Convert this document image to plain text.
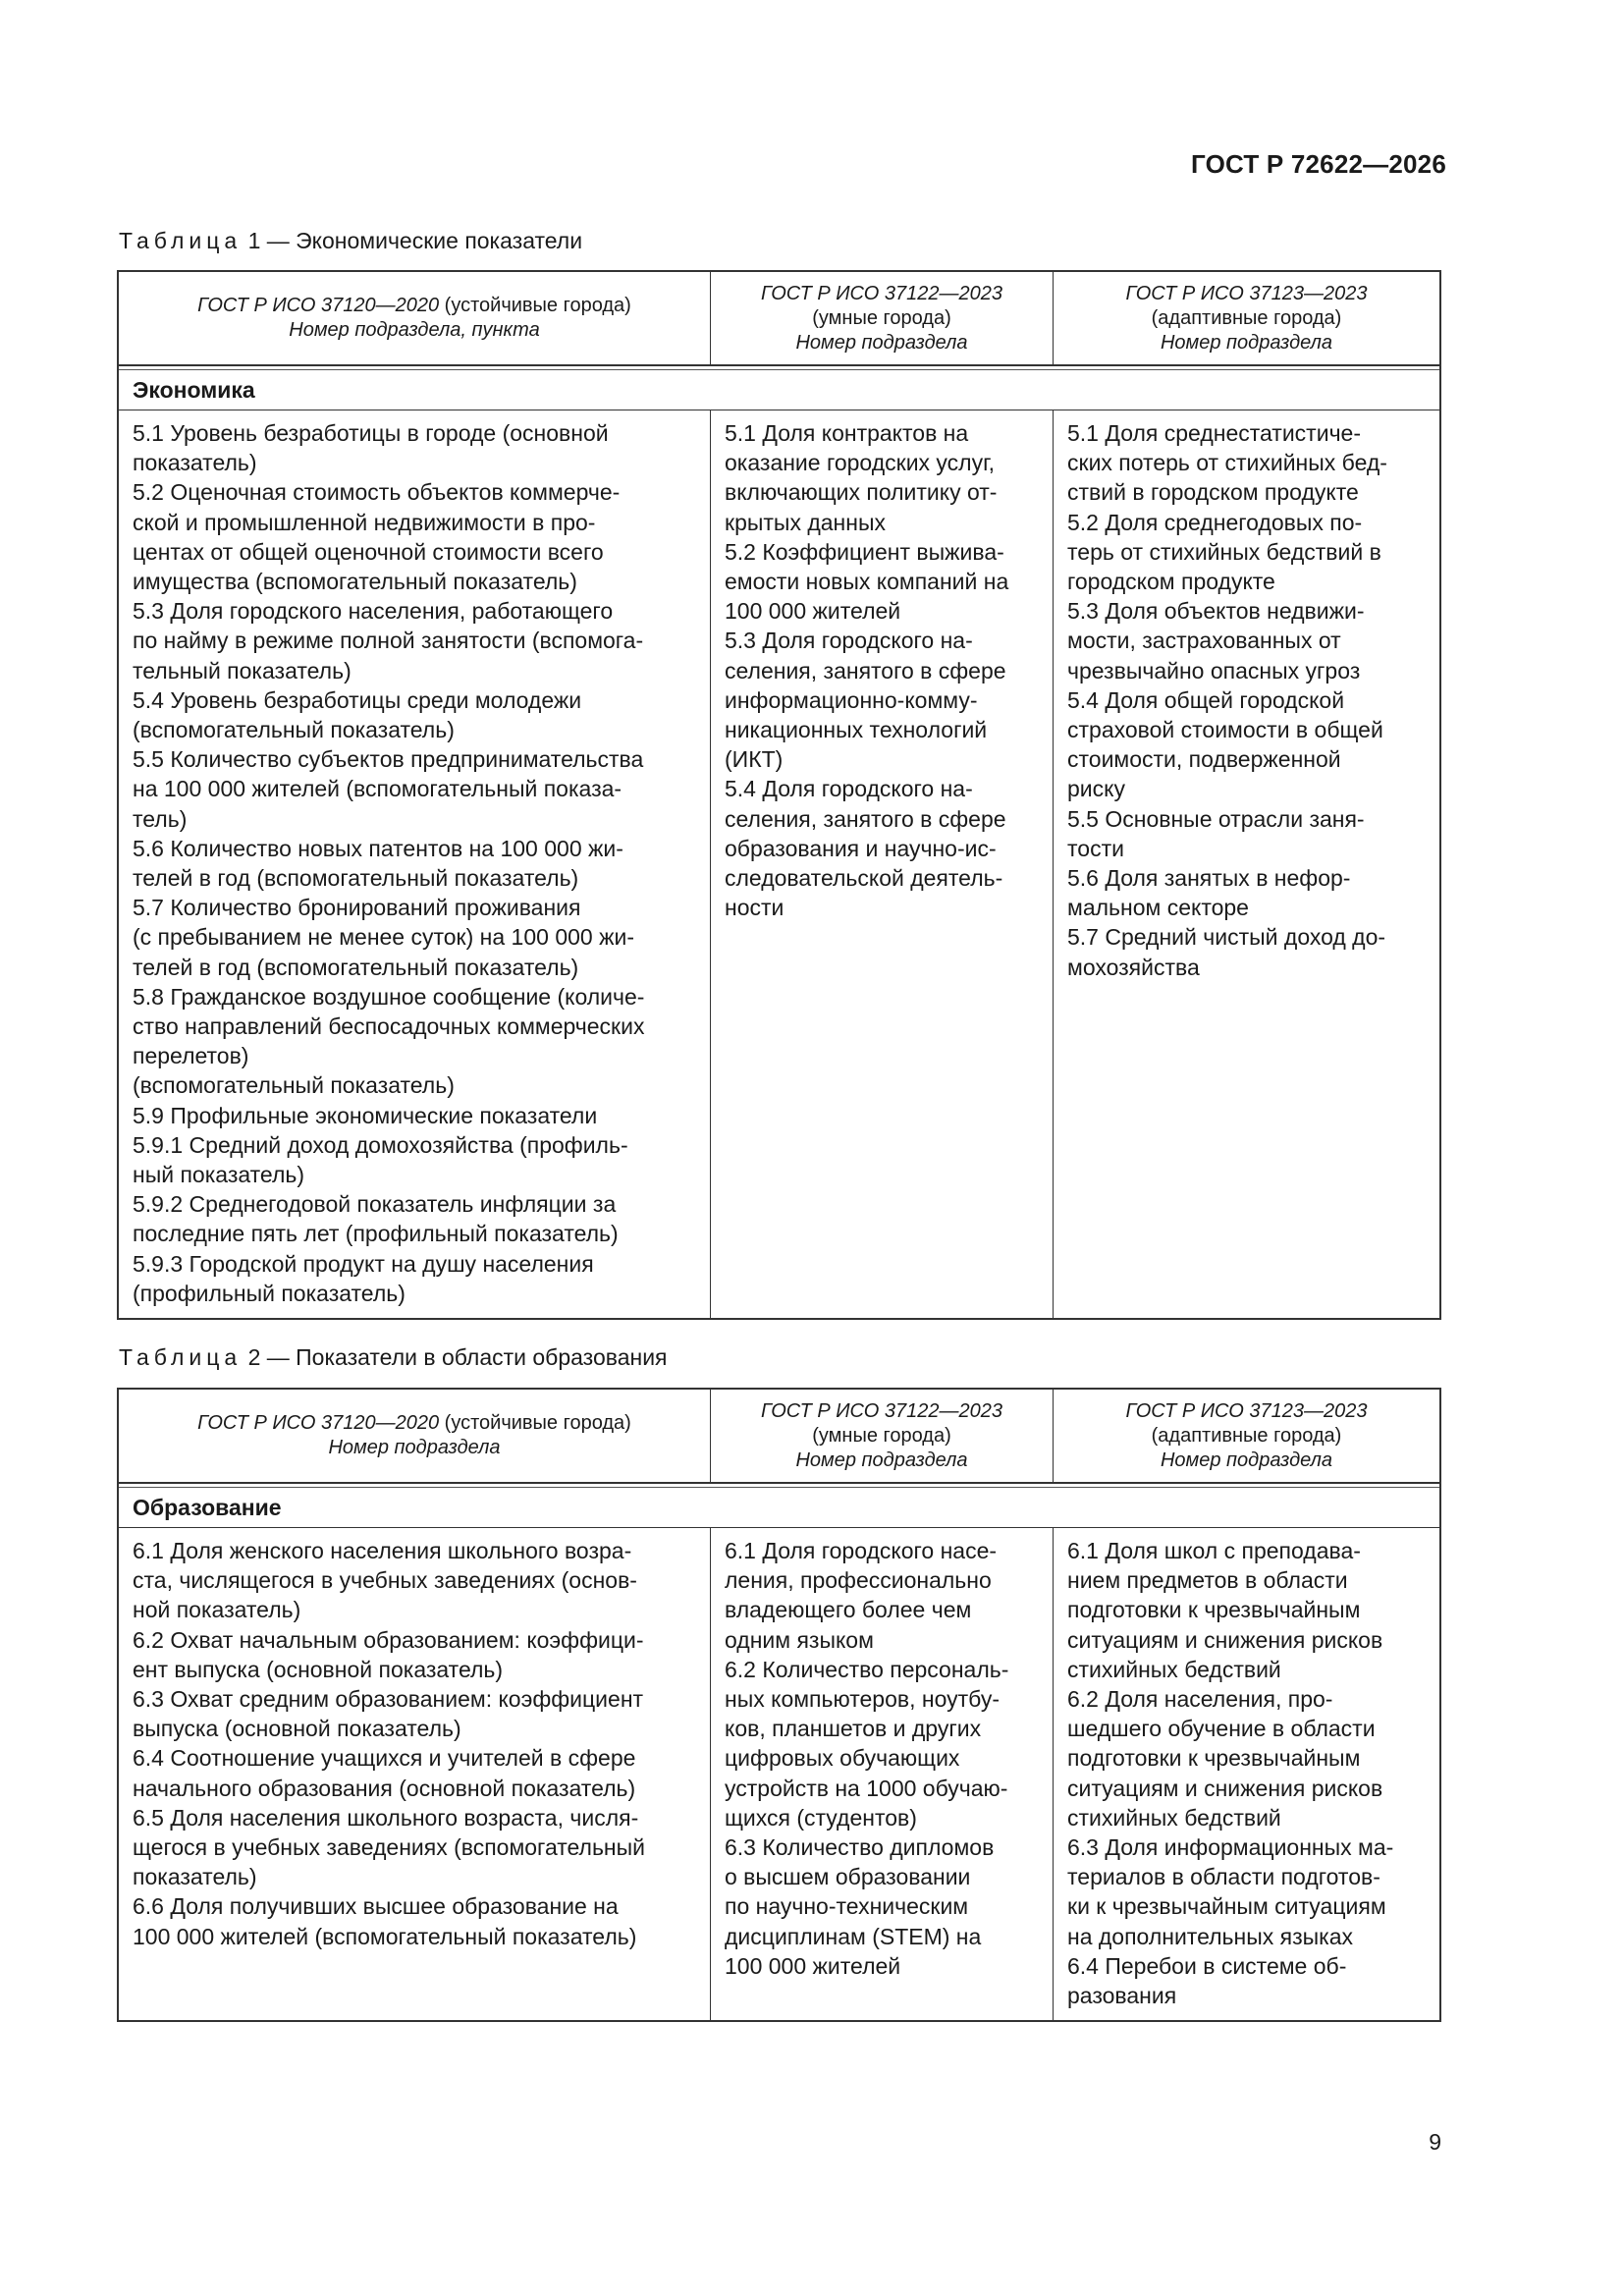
ГОСТ Р 72622—2026
Таблица 1 — Экономические показатели
ГОСТ Р ИСО 37120—2020 (устойчивые города)
Номер подраздела, пункта
ГОСТ Р ИСО 37122—2023
(умные города)
Номер подраздела
ГОСТ Р ИСО 37123—2023
(адаптивные города)
Номер подраздела
Экономика
5.1 Уровень безработицы в городе (основной
показатель)
5.2 Оценочная стоимость объектов коммерче-
ской и промышленной недвижимости в про-
центах от общей оценочной стоимости всего
имущества (вспомогательный показатель)
5.3 Доля городского населения, работающего
по найму в режиме полной занятости (вспомога-
тельный показатель)
5.4 Уровень безработицы среди молодежи
(вспомогательный показатель)
5.5 Количество субъектов предпринимательства
на 100 000 жителей (вспомогательный показа-
тель)
5.6 Количество новых патентов на 100 000 жи-
телей в год (вспомогательный показатель)
5.7 Количество бронирований проживания
(с пребыванием не менее суток) на 100 000 жи-
телей в год (вспомогательный показатель)
5.8 Гражданское воздушное сообщение (количе-
ство направлений беспосадочных коммерческих
перелетов)
(вспомогательный показатель)
5.9 Профильные экономические показатели
5.9.1 Средний доход домохозяйства (профиль-
ный показатель)
5.9.2 Среднегодовой показатель инфляции за
последние пять лет (профильный показатель)
5.9.3 Городской продукт на душу населения
(профильный показатель)
5.1 Доля контрактов на
оказание городских услуг,
включающих политику от-
крытых данных
5.2 Коэффициент выжива-
емости новых компаний на
100 000 жителей
5.3 Доля городского на-
селения, занятого в сфере
информационно-комму-
никационных технологий
(ИКТ)
5.4 Доля городского на-
селения, занятого в сфере
образования и научно-ис-
следовательской деятель-
ности
5.1 Доля среднестатистиче-
ских потерь от стихийных бед-
ствий в городском продукте
5.2 Доля среднегодовых по-
терь от стихийных бедствий в
городском продукте
5.3 Доля объектов недвижи-
мости, застрахованных от
чрезвычайно опасных угроз
5.4 Доля общей городской
страховой стоимости в общей
стоимости, подверженной
риску
5.5 Основные отрасли заня-
тости
5.6 Доля занятых в нефор-
мальном секторе
5.7 Средний чистый доход до-
мохозяйства
Таблица 2 — Показатели в области образования
ГОСТ Р ИСО 37120—2020 (устойчивые города)
Номер подраздела
ГОСТ Р ИСО 37122—2023
(умные города)
Номер подраздела
ГОСТ Р ИСО 37123—2023
(адаптивные города)
Номер подраздела
Образование
6.1 Доля женского населения школьного возра-
ста, числящегося в учебных заведениях (основ-
ной показатель)
6.2 Охват начальным образованием: коэффици-
ент выпуска (основной показатель)
6.3 Охват средним образованием: коэффициент
выпуска (основной показатель)
6.4 Соотношение учащихся и учителей в сфере
начального образования (основной показатель)
6.5 Доля населения школьного возраста, числя-
щегося в учебных заведениях (вспомогательный
показатель)
6.6 Доля получивших высшее образование на
100 000 жителей (вспомогательный показатель)
6.1 Доля городского насе-
ления, профессионально
владеющего более чем
одним языком
6.2 Количество персональ-
ных компьютеров, ноутбу-
ков, планшетов и других
цифровых обучающих
устройств на 1000 обучаю-
щихся (студентов)
6.3 Количество дипломов
о высшем образовании
по научно-техническим
дисциплинам (STEM) на
100 000 жителей
6.1 Доля школ с преподава-
нием предметов в области
подготовки к чрезвычайным
ситуациям и снижения рисков
стихийных бедствий
6.2 Доля населения, про-
шедшего обучение в области
подготовки к чрезвычайным
ситуациям и снижения рисков
стихийных бедствий
6.3 Доля информационных ма-
териалов в области подготов-
ки к чрезвычайным ситуациям
на дополнительных языках
6.4 Перебои в системе об-
разования
9
